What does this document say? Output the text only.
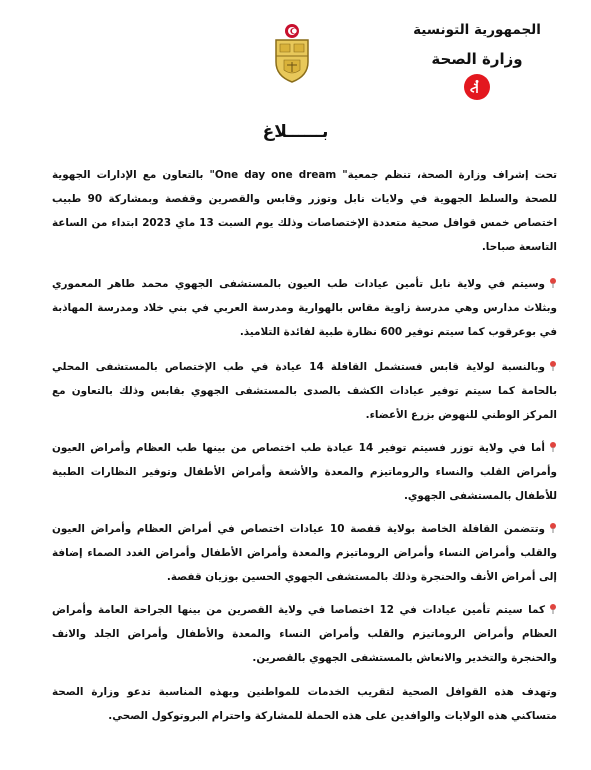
الجمهورية التونسية
وزارة الصحة
بــــــلاغ
تحت إشراف وزارة الصحة، تنظم جمعية" One day one dream" بالتعاون مع الإدارات الجهوية للصحة والسلط الجهوية في ولايات نابل وتوزر وقابس والقصرين وقفصة وبمشاركة 90 طبيب اختصاص خمس قوافل صحية متعددة الإختصاصات وذلك يوم السبت 13 ماي 2023 ابتداء من الساعة التاسعة صباحا.
وسيتم في ولاية نابل تأمين عيادات طب العيون بالمستشفى الجهوي محمد طاهر المعموري وبثلاث مدارس وهي مدرسة زاوية مقاس بالهوارية ومدرسة العربي في بني خلاد ومدرسة المهاذبة في بوعرقوب كما سيتم توفير 600 نظارة طبية لفائدة التلاميذ.
وبالنسبة لولاية قابس فستشمل القافلة 14 عيادة في طب الإختصاص بالمستشفى المحلي بالحامة كما سيتم توفير عيادات الكشف بالصدى بالمستشفى الجهوي بقابس وذلك بالتعاون مع المركز الوطني للنهوض بزرع الأعضاء.
أما في ولاية توزر فسيتم توفير 14 عيادة طب اختصاص من بينها طب العظام وأمراض العيون وأمراض القلب والنساء والروماتيزم والمعدة والأشعة وأمراض الأطفال وتوفير النظارات الطبية للأطفال بالمستشفى الجهوي.
وتتضمن القافلة الخاصة بولاية قفصة 10 عيادات اختصاص في أمراض العظام وأمراض العيون والقلب وأمراض النساء وأمراض الروماتيزم والمعدة وأمراض الأطفال وأمراض الغدد الصماء إضافة إلى أمراض الأنف والحنجرة وذلك بالمستشفى الجهوي الحسين بوزيان قفصة.
كما سيتم تأمين عيادات في 12 اختصاصا في ولاية القصرين من بينها الجراحة العامة وأمراض العظام وأمراض الروماتيزم والقلب وأمراض النساء والمعدة والأطفال وأمراض الجلد والانف والحنجرة والتخدير والانعاش بالمستشفى الجهوي بالقصرين.
وتهدف هذه القوافل الصحية لتقريب الخدمات للمواطنين وبهذه المناسبة تدعو وزارة الصحة متساكني هذه الولايات والوافدين على هذه الحملة للمشاركة واحترام البروتوكول الصحي.
